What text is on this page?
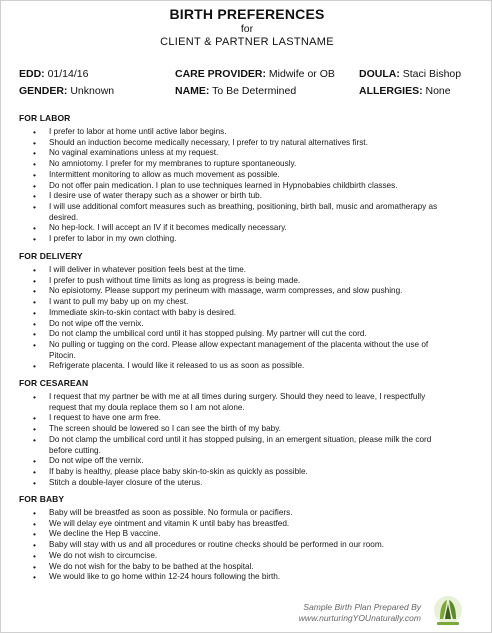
BIRTH PREFERENCES
for
CLIENT & PARTNER LASTNAME
EDD: 01/14/16	CARE PROVIDER: Midwife or OB DOULA: Staci Bishop
GENDER: Unknown	NAME: To Be Determined	ALLERGIES: None
FOR LABOR
• I prefer to labor at home until active labor begins.
• Should an induction become medically necessary, I prefer to try natural alternatives first.
• No vaginal examinations unless at my request.
• No amniotomy. I prefer for my membranes to rupture spontaneously.
• Intermittent monitoring to allow as much movement as possible.
• Do not offer pain medication. I plan to use techniques learned in Hypnobabies childbirth classes.
• I desire use of water therapy such as a shower or birth tub.
• I will use additional comfort measures such as breathing, positioning, birth ball, music and aromatherapy as desired.
• No hep-lock. I will accept an IV if it becomes medically necessary.
• I prefer to labor in my own clothing.
FOR DELIVERY
• I will deliver in whatever position feels best at the time.
• I prefer to push without time limits as long as progress is being made.
• No episiotomy. Please support my perineum with massage, warm compresses, and slow pushing.
• I want to pull my baby up on my chest.
• Immediate skin-to-skin contact with baby is desired.
• Do not wipe off the vernix.
• Do not clamp the umbilical cord until it has stopped pulsing. My partner will cut the cord.
• No pulling or tugging on the cord. Please allow expectant management of the placenta without the use of Pitocin.
• Refrigerate placenta. I would like it released to us as soon as possible.
FOR CESAREAN
• I request that my partner be with me at all times during surgery. Should they need to leave, I respectfully request that my doula replace them so I am not alone.
• I request to have one arm free.
• The screen should be lowered so I can see the birth of my baby.
• Do not clamp the umbilical cord until it has stopped pulsing, in an emergent situation, please milk the cord before cutting.
• Do not wipe off the vernix.
• If baby is healthy, please place baby skin-to-skin as quickly as possible.
• Stitch a double-layer closure of the uterus.
FOR BABY
• Baby will be breastfed as soon as possible. No formula or pacifiers.
• We will delay eye ointment and vitamin K until baby has breastfed.
• We decline the Hep B vaccine.
• Baby will stay with us and all procedures or routine checks should be performed in our room.
• We do not wish to circumcise.
• We do not wish for the baby to be bathed at the hospital.
• We would like to go home within 12-24 hours following the birth.
Sample Birth Plan Prepared By
www.nurturingYOUnaturally.com
